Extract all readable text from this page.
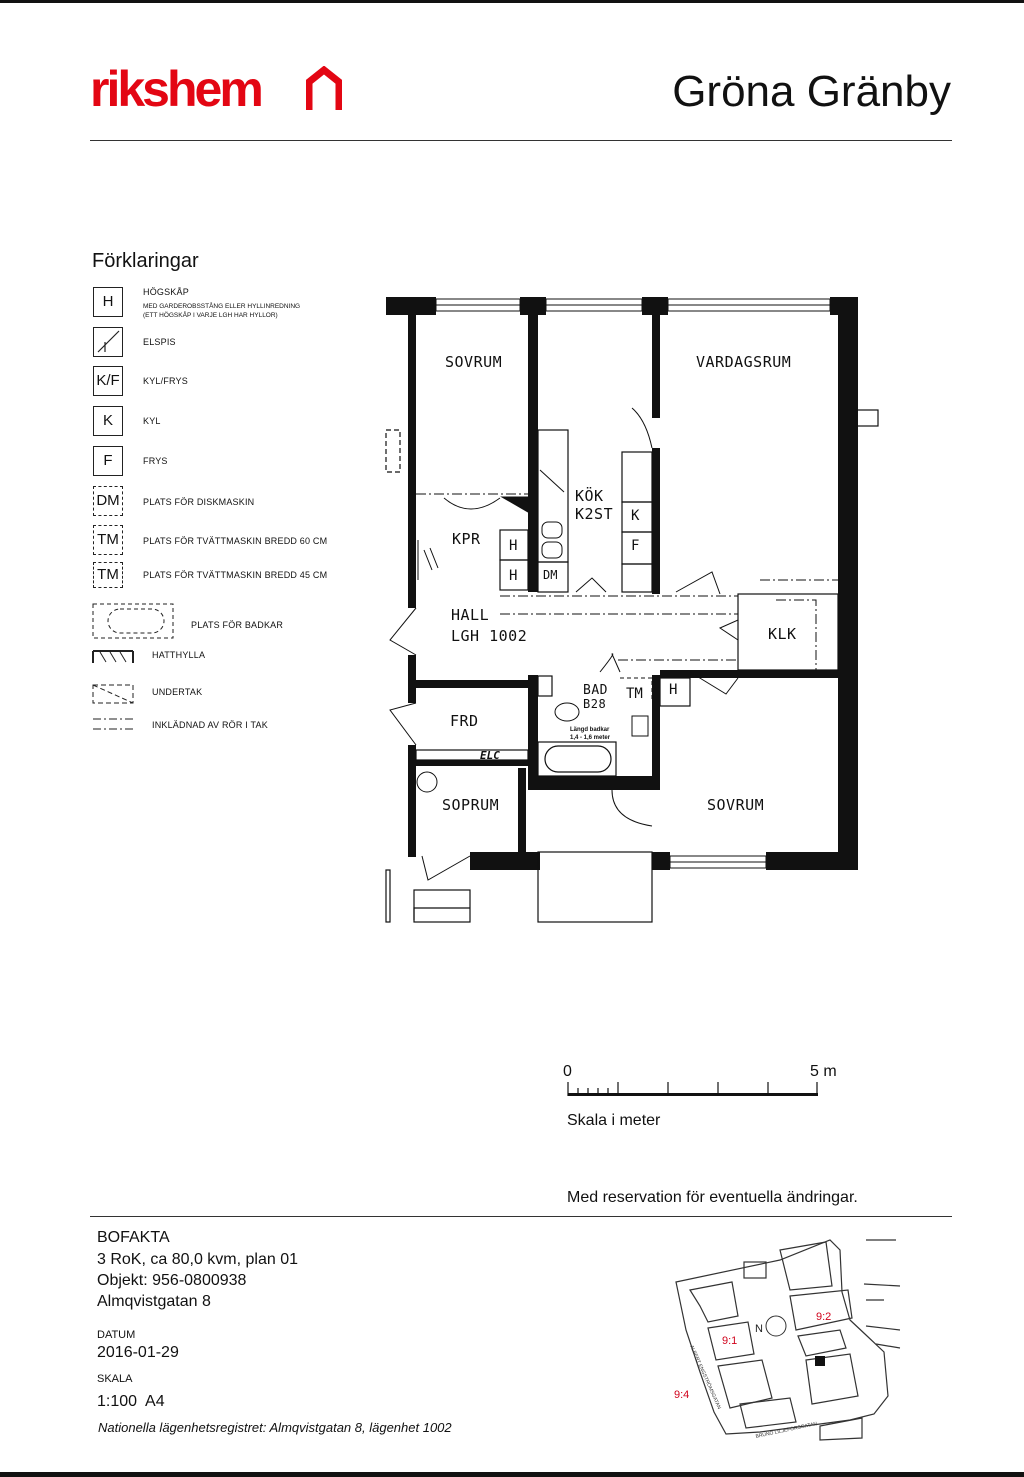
rikshem	Gröna Gränby
Förklaringar
H
HÖGSKÅP
MED GARDEROBSSTÅNG ELLER HYLLINREDNING (ETT HÖGSKÅP I VARJE LGH HAR HYLLOR)
ELSPIS
K/F	KYL/FRYS
K	KYL
F	FRYS
DM	PLATS FÖR DISKMASKIN
TM	PLATS FÖR TVÄTTMASKIN BREDD 60 CM
TM	PLATS FÖR TVÄTTMASKIN BREDD 45 CM
PLATS FÖR BADKAR
HATTHYLLA
UNDERTAK
INKLÄDNAD AV RÖR I TAK
SOVRUM
KÖK
K2ST
VARDAGSRUM
KPR
HALL
LGH 1002	KLK
BAD
B28
FRD
SOPRUM	SOVRUM
H
H
H
K
F
DM
TM
ELC
Längd badkar
1,4 - 1,6 meter
0	5 m
Skala i meter
Med reservation för eventuella ändringar.
BOFAKTA
3 RoK, ca 80,0 kvm, plan 01
Objekt: 956-0800938
Almqvistgatan 8
DATUM
2016-01-29
SKALA
1:100  A4
Nationella lägenhetsregistret: Almqvistgatan 8, lägenhet 1002
N
9:1
9:2
9:4
ALBERT ENGSTRÖMSGATAN
BRUNO LILJEFORSGATAN
